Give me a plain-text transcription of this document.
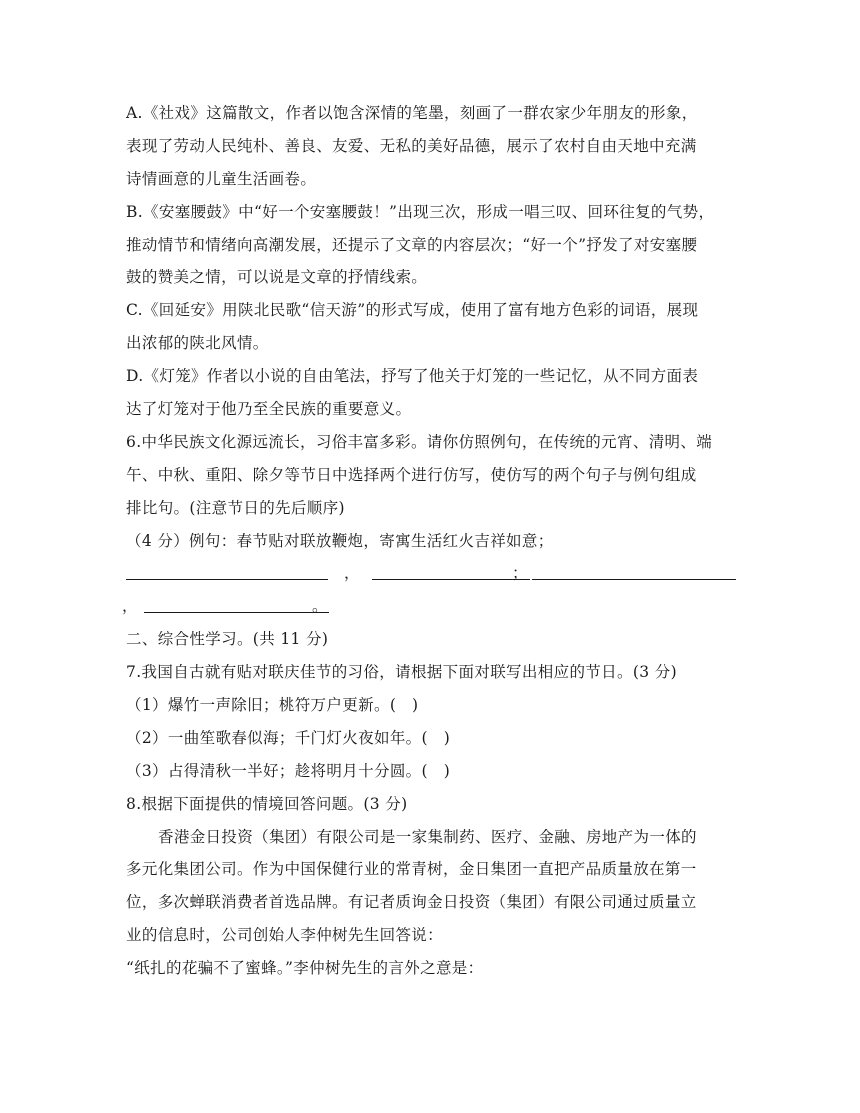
A.《社戏》这篇散文，作者以饱含深情的笔墨，刻画了一群农家少年朋友的形象，
表现了劳动人民纯朴、善良、友爱、无私的美好品德，展示了农村自由天地中充满
诗情画意的儿童生活画卷。
B.《安塞腰鼓》中“好一个安塞腰鼓！”出现三次，形成一唱三叹、回环往复的气势，
推动情节和情绪向高潮发展，还提示了文章的内容层次；“好一个”抒发了对安塞腰
鼓的赞美之情，可以说是文章的抒情线索。
C.《回延安》用陕北民歌“信天游”的形式写成，使用了富有地方色彩的词语，展现
出浓郁的陕北风情。
D.《灯笼》作者以小说的自由笔法，抒写了他关于灯笼的一些记忆，从不同方面表
达了灯笼对于他乃至全民族的重要意义。
6.中华民族文化源远流长，习俗丰富多彩。请你仿照例句，在传统的元宵、清明、端
午、中秋、重阳、除夕等节日中选择两个进行仿写，使仿写的两个句子与例句组成
排比句。(注意节日的先后顺序)
（4 分）例句：春节贴对联放鞭炮，寄寓生活红火吉祥如意；
，	；
，	。
二、综合性学习。(共 11 分)
7.我国自古就有贴对联庆佳节的习俗，请根据下面对联写出相应的节日。(3 分)
（1）爆竹一声除旧；桃符万户更新。(　)
（2）一曲笙歌春似海；千门灯火夜如年。(　)
（3）占得清秋一半好；趁将明月十分圆。(　)
8.根据下面提供的情境回答问题。(3 分)
香港金日投资（集团）有限公司是一家集制药、医疗、金融、房地产为一体的
多元化集团公司。作为中国保健行业的常青树，金日集团一直把产品质量放在第一
位，多次蝉联消费者首选品牌。有记者质询金日投资（集团）有限公司通过质量立
业的信息时，公司创始人李仲树先生回答说：
“纸扎的花骗不了蜜蜂。”李仲树先生的言外之意是：
